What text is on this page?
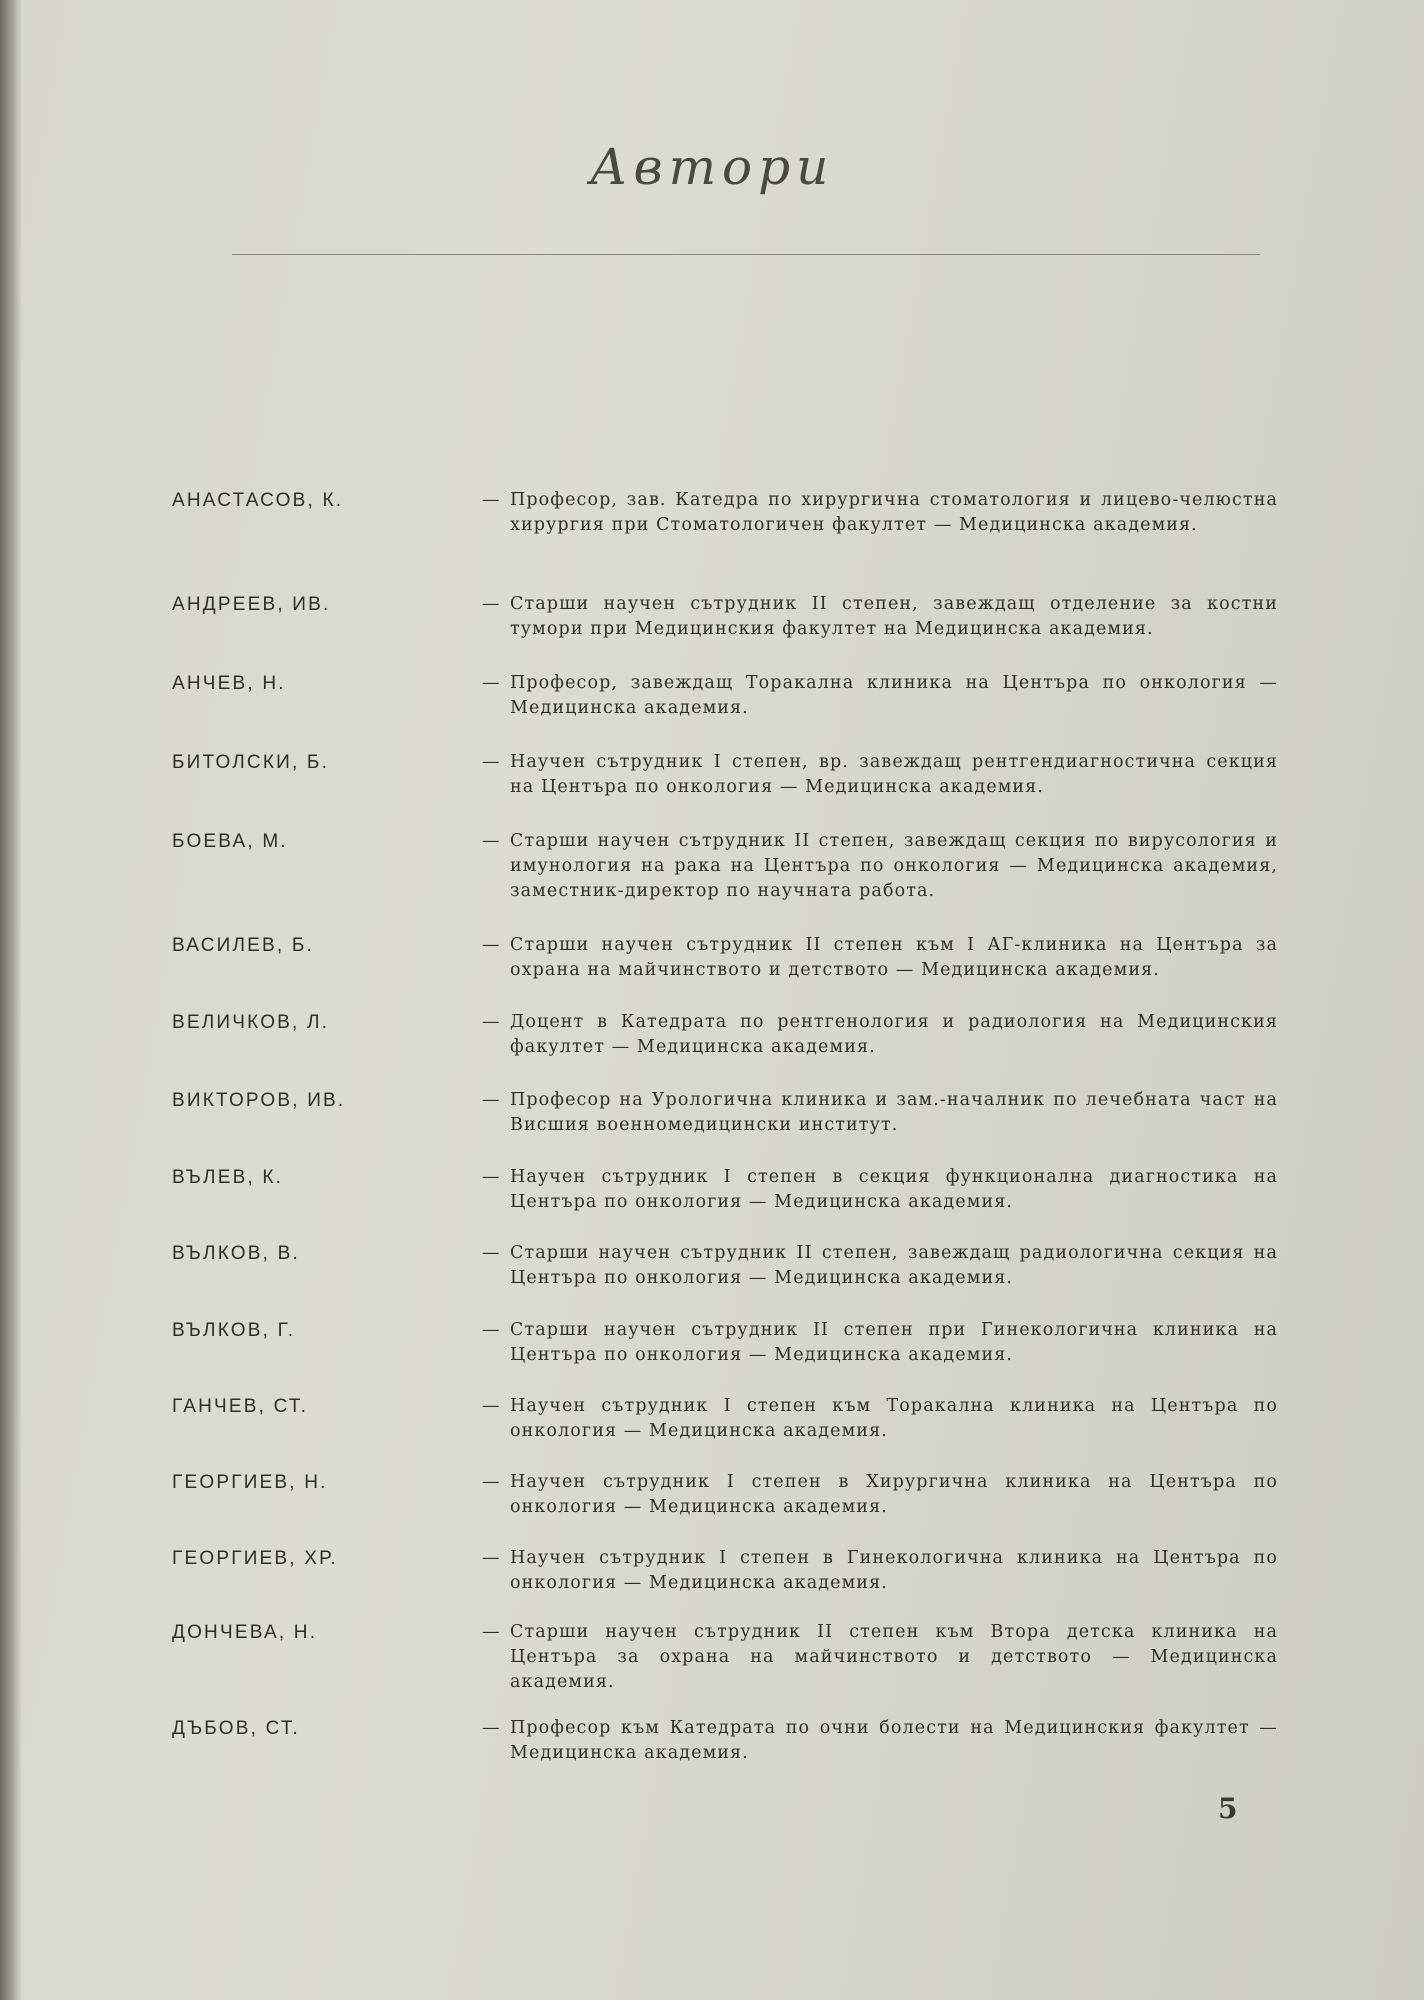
Автори
АНАСТАСОВ, К.	— Професор, зав. Катедра по хирургична стоматология и лицево-челюстна хирургия при Стоматологичен факултет — Медицинска академия.
АНДРЕЕВ, ИВ.	— Старши научен сътрудник II степен, завеждащ отделение за костни тумори при Медицинския факултет на Медицинска академия.
АНЧЕВ, Н.	— Професор, завеждащ Торакална клиника на Центъра по онкология — Медицинска академия.
БИТОЛСКИ, Б.	— Научен сътрудник I степен, вр. завеждащ рентгендиагностична секция на Центъра по онкология — Медицинска академия.
БОЕВА, М.	— Старши научен сътрудник II степен, завеждащ секция по вирусология и имунология на рака на Центъра по онкология — Медицинска академия, заместник-директор по научната работа.
ВАСИЛЕВ, Б.	— Старши научен сътрудник II степен към I АГ-клиника на Центъра за охрана на майчинството и детството — Медицинска академия.
ВЕЛИЧКОВ, Л.	— Доцент в Катедрата по рентгенология и радиология на Медицинския факултет — Медицинска академия.
ВИКТОРОВ, ИВ.	— Професор на Урологична клиника и зам.-началник по лечебната част на Висшия военномедицински институт.
ВЪЛЕВ, К.	— Научен сътрудник I степен в секция функционална диагностика на Центъра по онкология — Медицинска академия.
ВЪЛКОВ, В.	— Старши научен сътрудник II степен, завеждащ радиологична секция на Центъра по онкология — Медицинска академия.
ВЪЛКОВ, Г.	— Старши научен сътрудник II степен при Гинекологична клиника на Центъра по онкология — Медицинска академия.
ГАНЧЕВ, СТ.	— Научен сътрудник I степен към Торакална клиника на Центъра по онкология — Медицинска академия.
ГЕОРГИЕВ, Н.	— Научен сътрудник I степен в Хирургична клиника на Центъра по онкология — Медицинска академия.
ГЕОРГИЕВ, ХР.	— Научен сътрудник I степен в Гинекологична клиника на Центъра по онкология — Медицинска академия.
ДОНЧЕВА, Н.	— Старши научен сътрудник II степен към Втора детска клиника на Центъра за охрана на майчинството и детството — Медицинска академия.
ДЪБОВ, СТ.	— Професор към Катедрата по очни болести на Медицинския факултет — Медицинска академия.
5
